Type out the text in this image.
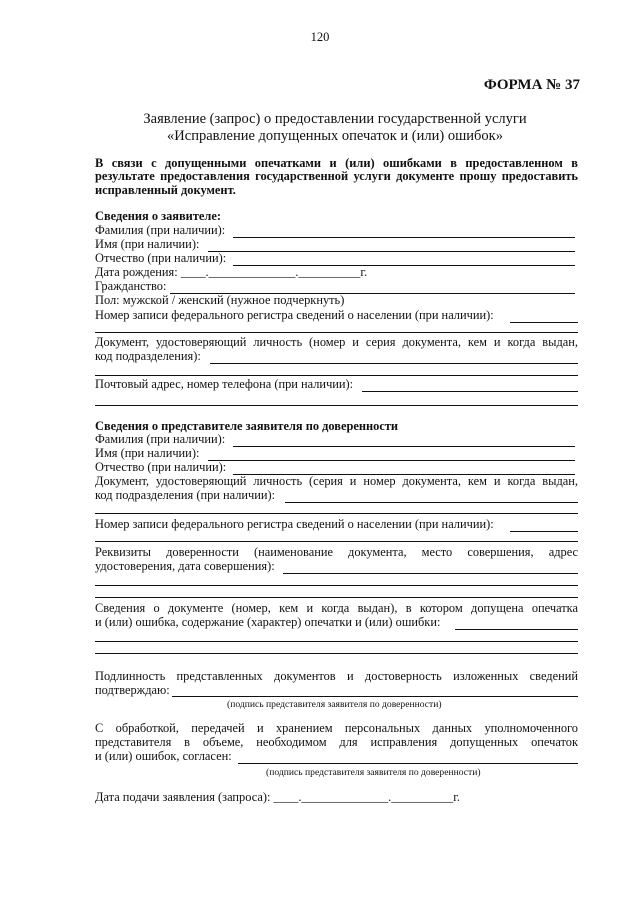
120
ФОРМА № 37
Заявление (запрос) о предоставлении государственной услуги
«Исправление допущенных опечаток и (или) ошибок»
В связи с допущенными опечатками и (или) ошибками в предоставленном в результате предоставления государственной услуги документе прошу предоставить исправленный документ.
Сведения о заявителе:
Фамилия (при наличии):
Имя (при наличии):
Отчество (при наличии):
Дата рождения: ____.______________.__________г.
Гражданство:
Пол: мужской / женский (нужное подчеркнуть)
Номер записи федерального регистра сведений о населении (при наличии):
Документ, удостоверяющий личность (номер и серия документа, кем и когда выдан,
код подразделения):
Почтовый адрес, номер телефона (при наличии):
Сведения о представителе заявителя по доверенности
Фамилия (при наличии):
Имя (при наличии):
Отчество (при наличии):
Документ, удостоверяющий личность (серия и номер документа, кем и когда выдан,
код подразделения (при наличии):
Номер записи федерального регистра сведений о населении (при наличии):
Реквизиты доверенности (наименование документа, место совершения, адрес
удостоверения, дата совершения):
Сведения о документе (номер, кем и когда выдан), в котором допущена опечатка
и (или) ошибка, содержание (характер) опечатки и (или) ошибки:
Подлинность представленных документов и достоверность изложенных сведений
подтверждаю:
(подпись представителя заявителя по доверенности)
С обработкой, передачей и хранением персональных данных уполномоченного
представителя в объеме, необходимом для исправления допущенных опечаток
и (или) ошибок, согласен:
(подпись представителя заявителя по доверенности)
Дата подачи заявления (запроса): ____.______________.__________г.
